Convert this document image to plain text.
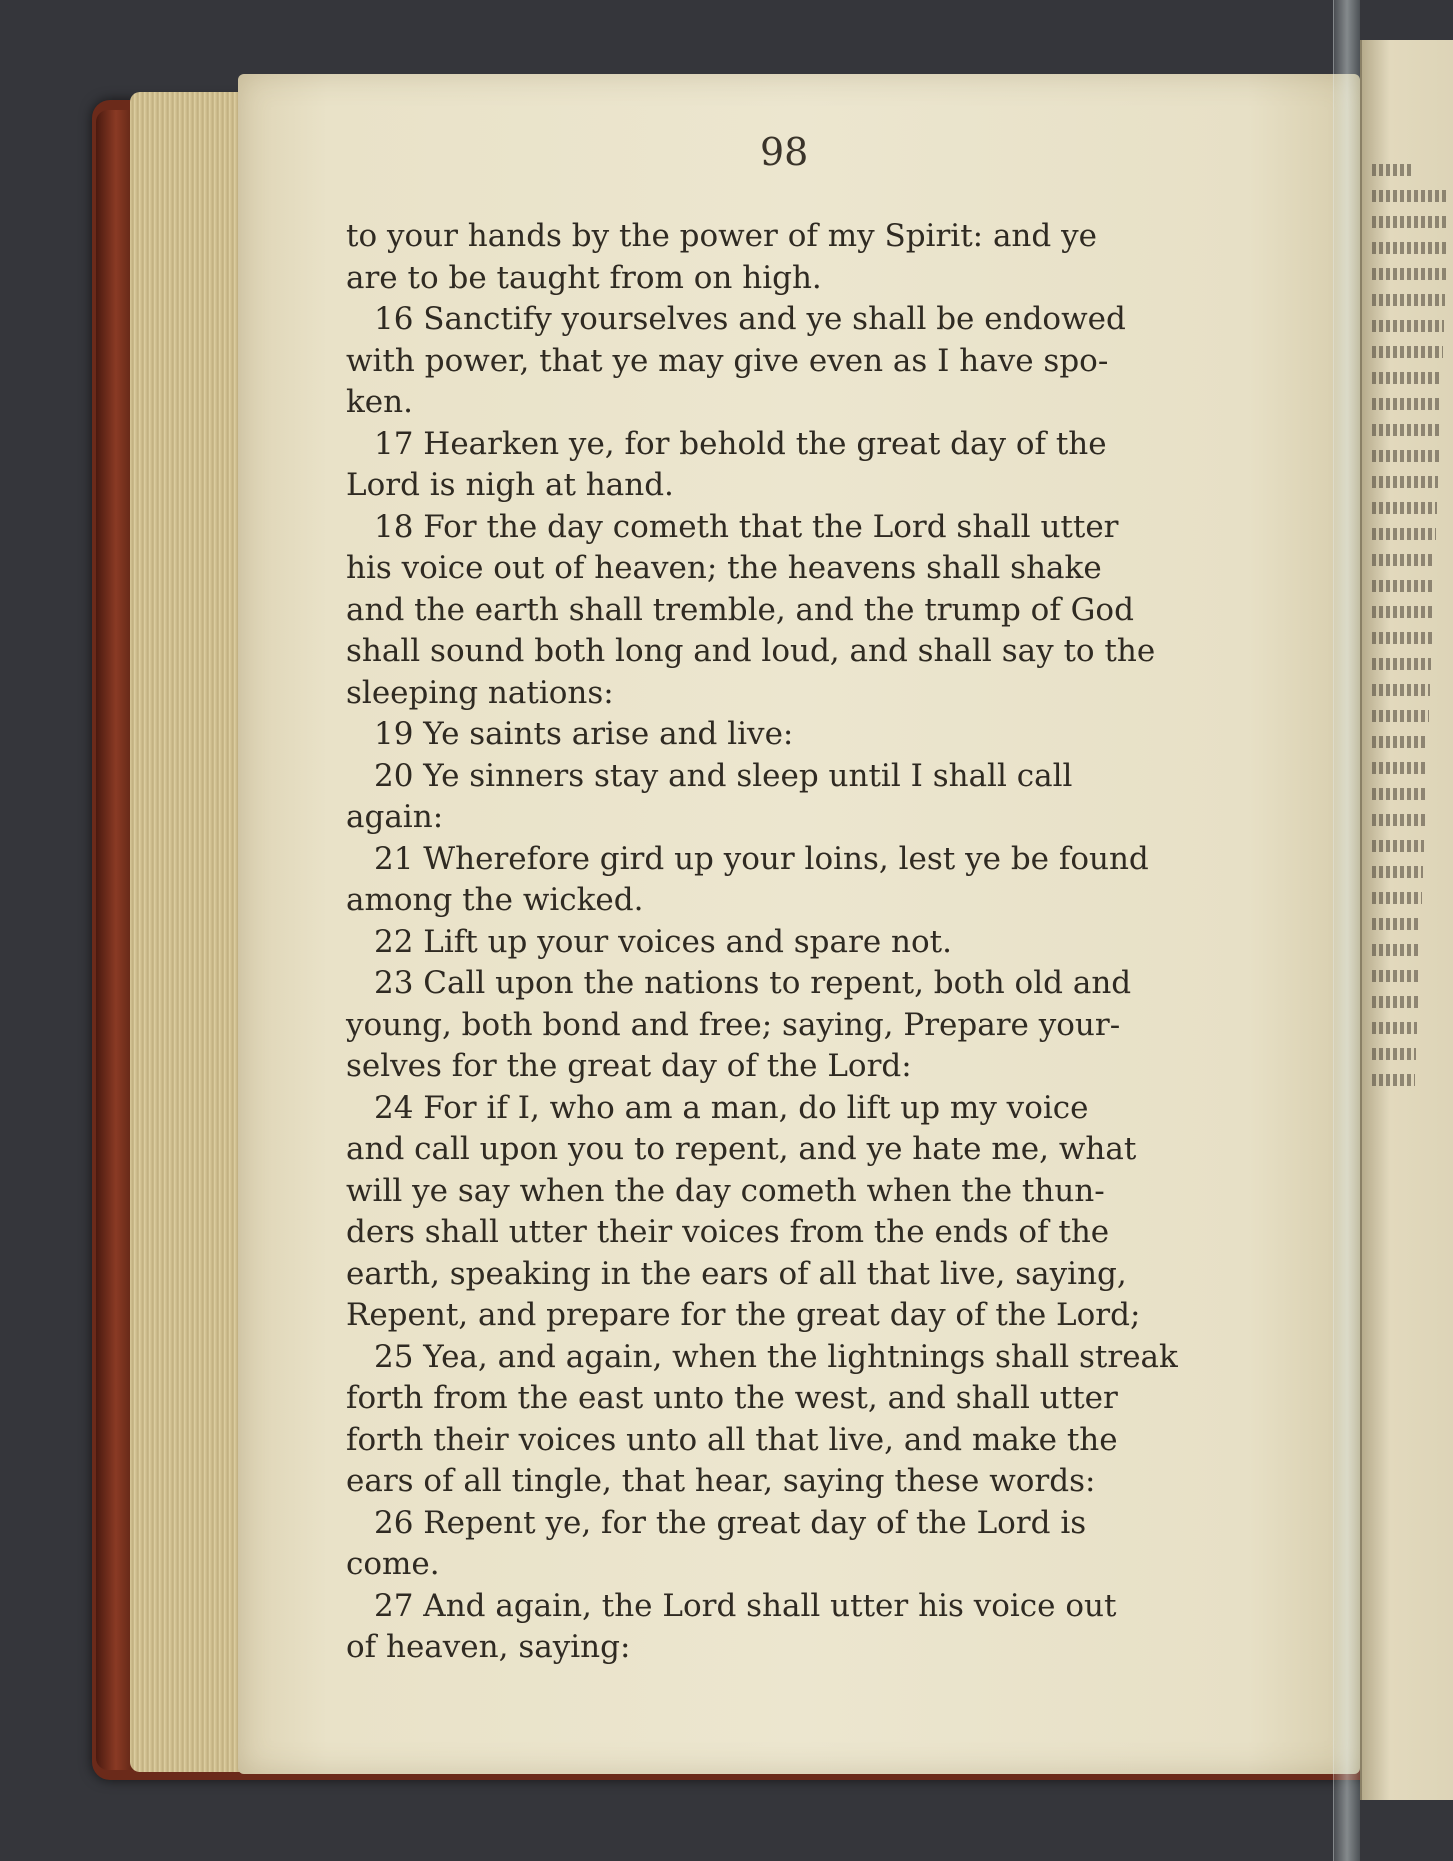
98

to your hands by the power of my Spirit: and ye

are to be taught from on high.

16 Sanctify yourselves and ye shall be endowed

with power, that ye may give even as I have spo-

ken.

17 Hearken ye, for behold the great day of the

Lord is nigh at hand.

18 For the day cometh that the Lord shall utter

his voice out of heaven; the heavens shall shake

and the earth shall tremble, and the trump of God

shall sound both long and loud, and shall say to the

sleeping nations:

19 Ye saints arise and live:

20 Ye sinners stay and sleep until I shall call

again:

21 Wherefore gird up your loins, lest ye be found

among the wicked.

22 Lift up your voices and spare not.

23 Call upon the nations to repent, both old and

young, both bond and free; saying, Prepare your-

selves for the great day of the Lord:

24 For if I, who am a man, do lift up my voice

and call upon you to repent, and ye hate me, what

will ye say when the day cometh when the thun-

ders shall utter their voices from the ends of the

earth, speaking in the ears of all that live, saying,

Repent, and prepare for the great day of the Lord;

25 Yea, and again, when the lightnings shall streak

forth from the east unto the west, and shall utter

forth their voices unto all that live, and make the

ears of all tingle, that hear, saying these words:

26 Repent ye, for the great day of the Lord is

come.

27 And again, the Lord shall utter his voice out

of heaven, saying:
